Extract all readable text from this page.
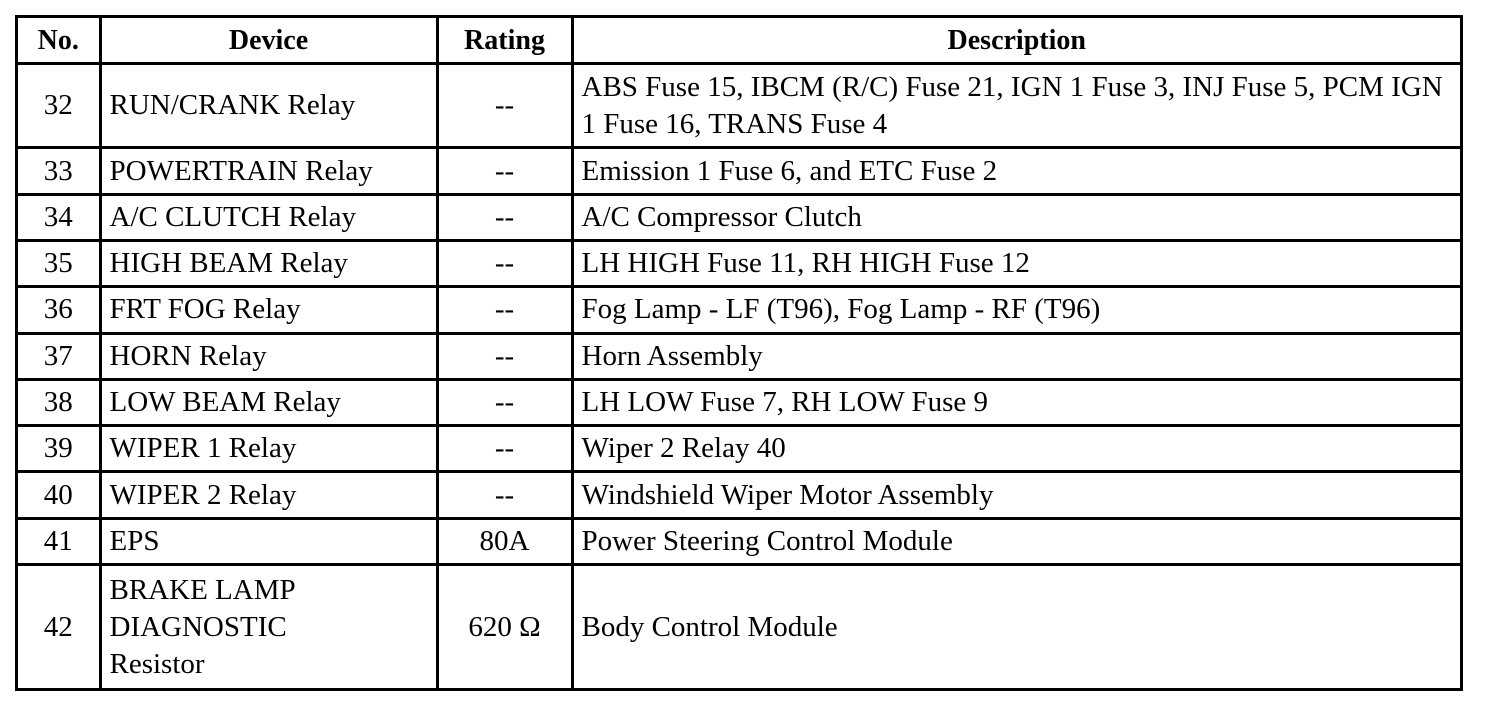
No.	Device	Rating	Description
32	RUN/CRANK Relay	--	ABS Fuse 15, IBCM (R/C) Fuse 21, IGN 1 Fuse 3, INJ Fuse 5, PCM IGN 1 Fuse 16, TRANS Fuse 4
33	POWERTRAIN Relay	--	Emission 1 Fuse 6, and ETC Fuse 2
34	A/C CLUTCH Relay	--	A/C Compressor Clutch
35	HIGH BEAM Relay	--	LH HIGH Fuse 11, RH HIGH Fuse 12
36	FRT FOG Relay	--	Fog Lamp - LF (T96), Fog Lamp - RF (T96)
37	HORN Relay	--	Horn Assembly
38	LOW BEAM Relay	--	LH LOW Fuse 7, RH LOW Fuse 9
39	WIPER 1 Relay	--	Wiper 2 Relay 40
40	WIPER 2 Relay	--	Windshield Wiper Motor Assembly
41	EPS	80A	Power Steering Control Module
42	BRAKE LAMP DIAGNOSTIC Resistor	620 Ω	Body Control Module
